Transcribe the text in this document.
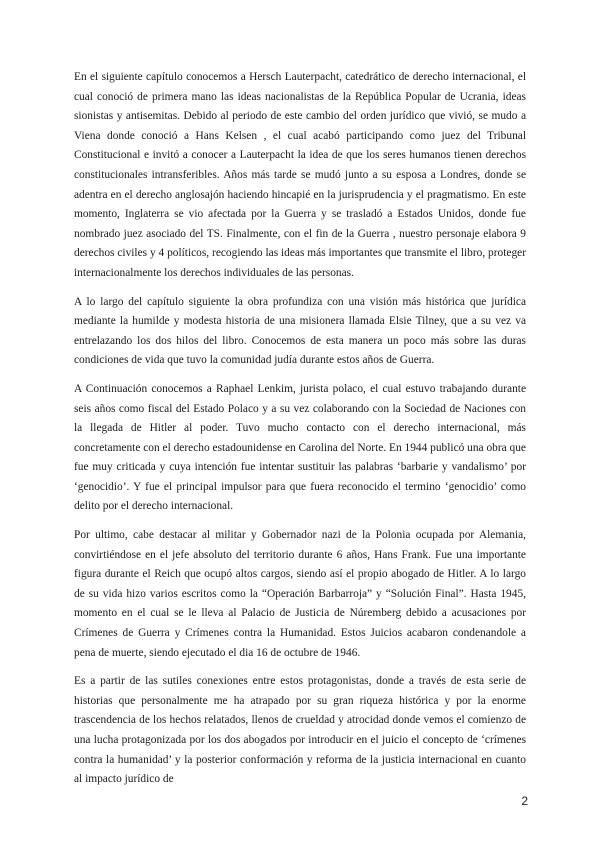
En el siguiente capítulo conocemos a Hersch Lauterpacht, catedrático de derecho internacional, el cual conoció de primera mano las ideas nacionalistas de la República Popular de Ucrania, ideas sionistas y antisemitas. Debido al periodo de este cambio del orden jurídico que vivió, se mudo a Viena donde conoció a Hans Kelsen , el cual acabó participando como juez del Tribunal Constitucional e invitó a conocer a Lauterpacht la idea de que los seres humanos tienen derechos constitucionales intransferibles. Años más tarde se mudó junto a su esposa a Londres, donde se adentra en el derecho anglosajón haciendo hincapié en la jurisprudencia y el pragmatismo. En este momento, Inglaterra se vio afectada por la Guerra y se trasladó a Estados Unidos, donde fue nombrado juez asociado del TS. Finalmente, con el fin de la Guerra , nuestro personaje elabora 9 derechos civiles y 4 políticos, recogiendo las ideas más importantes que transmite el libro, proteger internacionalmente los derechos individuales de las personas.

A lo largo del capítulo siguiente la obra profundiza con una visión más histórica que jurídica mediante la humilde y modesta historia de una misionera llamada Elsie Tilney, que a su vez va entrelazando los dos hilos del libro. Conocemos de esta manera un poco más sobre las duras condiciones de vida que tuvo la comunidad judía durante estos años de Guerra.

A Continuación conocemos a Raphael Lenkim, jurista polaco, el cual estuvo trabajando durante seis años como fiscal del Estado Polaco y a su vez colaborando con la Sociedad de Naciones con la llegada de Hitler al poder. Tuvo mucho contacto con el derecho internacional, más concretamente con el derecho estadounidense en Carolina del Norte. En 1944 publicó una obra que fue muy criticada y cuya intención fue intentar sustituir las palabras ‘barbarie y vandalismo’ por ‘genocidio’. Y fue el principal impulsor para que fuera reconocido el termino ‘genocidio’ como delito por el derecho internacional.

Por ultimo, cabe destacar al militar y Gobernador nazi de la Polonia ocupada por Alemania, convirtiéndose en el jefe absoluto del territorio durante 6 años, Hans Frank. Fue una importante figura durante el Reich que ocupó altos cargos, siendo así el propio abogado de Hitler. A lo largo de su vida hizo varios escritos como la “Operación Barbarroja” y “Solución Final”. Hasta 1945, momento en el cual se le lleva al Palacio de Justicia de Núremberg debido a acusaciones por Crímenes de Guerra y Crímenes contra la Humanidad. Estos Juicios acabaron condenandole a pena de muerte, siendo ejecutado el dia 16 de octubre de 1946.

Es a partir de las sutiles conexiones entre estos protagonistas, donde a través de esta serie de historias que personalmente me ha atrapado por su gran riqueza histórica y por la enorme trascendencia de los hechos relatados, llenos de crueldad y atrocidad donde vemos el comienzo de una lucha protagonizada por los dos abogados por introducir en el juicio el concepto de ‘crímenes contra la humanidad’ y la posterior conformación y reforma de la justicia internacional en cuanto al impacto jurídico de

2
